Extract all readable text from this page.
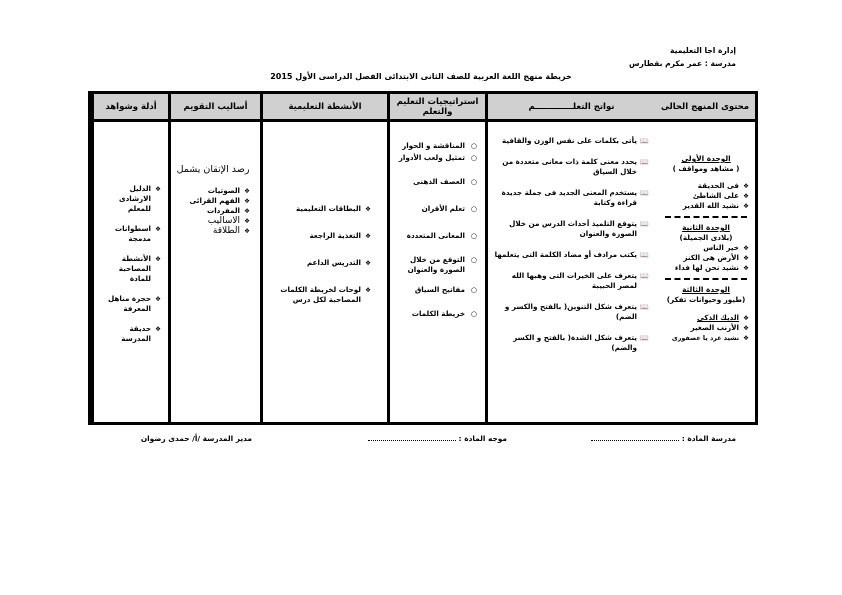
إدارة اجا التعليمية
مدرسة : عمر مكرم بقطارس
خريطة منهج اللغة العربية للصف الثانى الابتدائى الفصل الدراسى الأول 2015
محتوى المنهج الحالى
نواتج التعلـــــــــــــم
استراتيجيات التعليم والتعلم
الأنشطة التعليمية
أساليب التقويم
أدلة وشواهد
الوحدة الأولى
( مشاهد ومواقف )
❖ فى الحديقة
❖ على الشاطئ
❖ نشيد الله القدير
الوحدة الثانية
(بلادى الجميلة)
❖ خير الناس
❖ الأرض هى الكنز
❖ نشيد نحن لها فداء
الوحدة الثالثة
(طيور وحيوانات تفكر)
❖ الديك الذكى
❖ الأرنب الصغير
❖ نشيد غرد يا عصفورى
📖 يأتى بكلمات على نفس الوزن والقافية
📖 يحدد معنى كلمة ذات معانى متعددة من خلال السياق
📖 يستخدم المعنى الجديد فى جملة جديدة قراءة وكتابة
📖 يتوقع التلميذ أحداث الدرس من خلال الصورة والعنوان
📖 يكتب مرادف أو مضاد الكلمة التى يتعلمها
📖 يتعرف على الخيرات التى وهبها الله لمصر الحبيبة
📖 يتعرف شكل التنوين( بالفتح والكسر و الضم)
📖 يتعرف شكل الشدة( بالفتح و الكسر والضم)
○ المناقشة و الحوار
○ تمثيل ولعب الأدوار
○ العصف الذهنى
○ تعلم الأقران
○ المعانى المتعددة
○ التوقع من خلال الصورة والعنوان
○ مفاتيح السياق
○ خريطة الكلمات
❖ البطاقات التعليمية
❖ التغذية الراجعة
❖ التدريس الداعم
❖ لوحات لخريطة الكلمات المصاحبة لكل درس
رصد الإتقان يشمل
❖ الصوتيات
❖ الفهم القرائى
❖ المفردات
❖ الاساليب
❖ الطلاقة
❖ الدليل الارشادى للمعلم
❖ اسطوانات مدمجة
❖ الأنشطة المصاحبة للمادة
❖ حجرة مناهل المعرفة
❖ حديقة المدرسة
مدرسة المادة :
موجه المادة :
مدير المدرسة /أ/ حمدى رضوان
